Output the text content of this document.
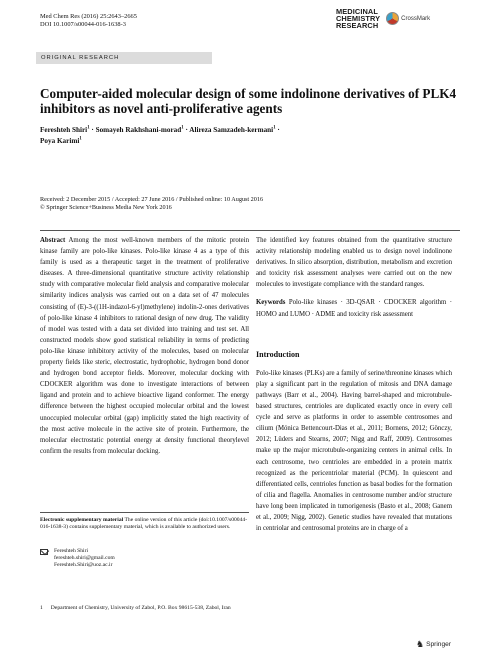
Med Chem Res (2016) 25:2643–2665
DOI 10.1007/s00044-016-1638-3
MEDICINAL
CHEMISTRY
RESEARCH
CrossMark
ORIGINAL RESEARCH
Computer-aided molecular design of some indolinone derivatives of PLK4 inhibitors as novel anti-proliferative agents
Fereshteh Shiri$^1$ · Somayeh Rakhshani-morad$^1$ · Alireza Samzadeh-kermani$^1$ ·
Poya Karimi$^1$
Received: 2 December 2015 / Accepted: 27 June 2016 / Published online: 10 August 2016
© Springer Science+Business Media New York 2016
Abstract Among the most well-known members of the mitotic protein kinase family are polo-like kinases. Polo-like kinase 4 as a type of this family is used as a therapeutic target in the treatment of proliferative diseases. A three-dimensional quantitative structure activity relationship study with comparative molecular field analysis and comparative molecular similarity indices analysis was carried out on a data set of 47 molecules consisting of (E)-3-((1H-indazol-6-yl)methylene) indolin-2-ones derivatives of polo-like kinase 4 inhibitors to rational design of new drug. The validity of model was tested with a data set divided into training and test set. All constructed models show good statistical reliability in terms of predicting polo-like kinase inhibitory activity of the molecules, based on molecular property fields like steric, electrostatic, hydrophobic, hydrogen bond donor and hydrogen bond acceptor fields. Moreover, molecular docking with CDOCKER algorithm was done to investigate interactions of between ligand and protein and to achieve bioactive ligand conformer. The energy difference between the highest occupied molecular orbital and the lowest unoccupied molecular orbital (gap) implicitly stated the high reactivity of the most active molecule in the active site of protein. Furthermore, the molecular electrostatic potential energy at density functional theorylevel confirm the results from molecular docking.
Electronic supplementary material The online version of this article (doi:10.1007/s00044-016-1638-3) contains supplementary material, which is available to authorized users.
Fereshteh Shiri
fereshteh.shiri@gmail.com
Fereshteh.Shiri@uoz.ac.ir
1 Department of Chemistry, University of Zabol, P.O. Box 98615-538, Zabol, Iran
The identified key features obtained from the quantitative structure activity relationship modeling enabled us to design novel indolinone derivatives. In silico absorption, distribution, metabolism and excretion and toxicity risk assessment analyses were carried out on the new molecules to investigate compliance with the standard ranges.
Keywords Polo-like kinases · 3D-QSAR · CDOCKER algorithm · HOMO and LUMO · ADME and toxicity risk assessment
Introduction
Polo-like kinases (PLKs) are a family of serine/threonine kinases which play a significant part in the regulation of mitosis and DNA damage pathways (Barr et al., 2004). Having barrel-shaped and microtubule-based structures, centrioles are duplicated exactly once in every cell cycle and serve as platforms in order to assemble centrosomes and cilium (Mónica Bettencourt-Dias et al., 2011; Bornens, 2012; Gönczy, 2012; Lüders and Stearns, 2007; Nigg and Raff, 2009). Centrosomes make up the major microtubule-organizing centers in animal cells. In each centrosome, two centrioles are embedded in a protein matrix recognized as the pericentriolar material (PCM). In quiescent and differentiated cells, centrioles function as basal bodies for the formation of cilia and flagella. Anomalies in centrosome number and/or structure have long been implicated in tumorigenesis (Basto et al., 2008; Ganem et al., 2009; Nigg, 2002). Genetic studies have revealed that mutations in centriolar and centrosomal proteins are in charge of a
♞ Springer
